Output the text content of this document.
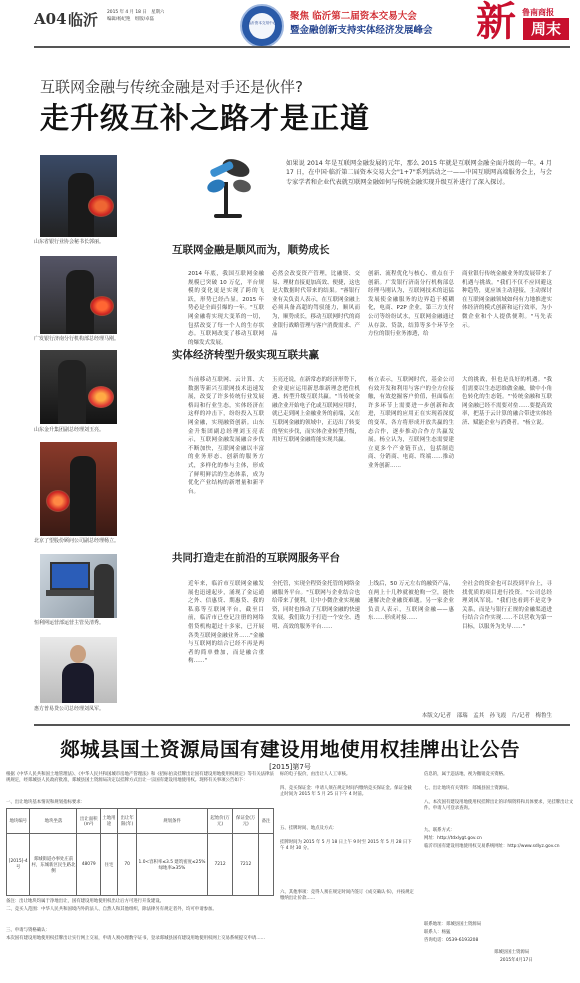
A04 临沂 2015 年 4 月 18 日　星期六
编辑/杨纪艳　组版/卓磊
临沂资本交易中心
聚焦 临沂第二届资本交易大会
暨金融创新支持实体经济发展峰会	新 鲁南商报
周末
互联网金融与传统金融是对手还是伙伴?
走升级互补之路才是正道
山东省银行业协会秘书长郭丽。
广发银行济南分行机构部总经理马刚。
山东金升集团副总经理刘玉亮。
北京了望股份顾问公司副总经理杨立。
恒利网运营部运营主管吴清秀。
惠方普易贷公司总经理刘凤军。
如果说 2014 年是互联网金融发展的元年，那么 2015 年就是互联网金融全面升级的一年。4 月 17 日，在中国·临沂第二届资本交易大会"1+7"系列活动之一——中国互联网高端服务会上，与会专家学者和企业代表就互联网金融如何与传统金融实现升级互补进行了深入探讨。
互联网金融是顺风而为，顺势成长
2014 年底，我国互联网金融规模已突破 10 万亿，平台规模的变化更是实现了跨的飞跃，形势已经凸显。2015 年势必是全面引爆的一年。"互联网金融将实现大变革的一切，包括改变了每一个人的生存状态。互联网改变了移动互联网的爆发式发展。
必然会改变资产管理，比融资、交易、理财直接更加高效、便捷，这也是大数据时代带来的结果。"睿银行业有关负责人表示，在互联网金融上必须具备高超的驾驭能力，顺风而为，顺势成长，移动互联网时代的商业银行战略管理与客户消费需求、产品
创新、流程优化与核心、重点在于创新。广发银行济南分行机构部总经理马刚认为，互联网技术的迅猛发展使金融服务的边界趋于模糊化，电商、P2P 企业，第三方支付公司等纷纷试水，互联网金融通过从存款、贷款，结算等多个环节全方位的银行业务渗透，给
商业银行传统金融业务的发展带来了机遇与挑战。"我们不仅不应回避这种趋势，更应该主动迎接，主动探讨在互联网金融领域如何有力地推进实体经济的模式创新和运行效率，为小微企业和个人提供便利。"马先表示。
实体经济转型升级实现互联共赢
当前移动互联网、云计算、大数据等新兴互联网技术迅速发展，改变了许多传统行业发展格局和行业生态，实体经济在这样的冲击下，纷纷投入互联网金融，实现融资创新。山东金升集团副总经理刘玉亮表示，互联网金融发展融合步伐不断加快，互联网金融以丰富的业务形态、创新的服务方式，多样化的参与主体，形成了鲜明鲜活的生态体系，成为优化产业结构的新增量和新平台。
玉亮还说，在新常态的经济形势下，企业更应运用新思维新理念把住机遇、转型升级互联共赢。"当传统金融企业开始电子化或互联网应用时，就已走到网上金融业务的前端，又在互联网金融的领域中，正迈出了转变的坚实步伐，而实体企业转型升级，用好互联网金融将能实现共赢。
杨立表示，互联网时代，基金公司有效开发和利用与客户的全方位接触，有效挖掘客户价值，但面临在许多环节上需要进一步创新和改进，互联网的应用正在实现着深度的变革，各方将形成开放共赢的生态合作，逐步推动合作方共赢发展。杨立认为，互联网生态需要建立更多个产业链节点，包括制造商、分销商、电商、终端……推动业务创新……
大的挑战，但也是良好的机遇。"我们需要以生态思维做金融，做中小角色转化的生态链。"'传统金融和互联网金融已经不需要对垒……要提高效率，把基于云计算的融合带进实体经济、赋能企业与消费者。"杨立说。
共同打造走在前沿的互联网服务平台
近年来，临沂市互联网金融发展也迅速起步，涌现了金运通之外、信惠贷、期惠贷、我的私募等互联网平台，截至目前，临沂市已登记注册的网络借贷机构超过十多家，已开展各类互联网金融业务……"金融与互联网的结合已经不再是两者的简单叠加，而是融合重构……"
全托管，实现全程资金托管的网络金融服务平台。"互联网与企业结合也给带来了便利，让中小微企业实现融资，同时也推动了互联网金融的快速发展，我们致力于打造一个安全、透明、高效的服务平台……
上线后，50 万元左右的融资产品，在两上十几秒就被抢购一空，能快速解决企业融资难题。另一家企业负责人表示，互联网金融——惠东……形成对接……
全社会的资金也可以投到平台上，寻找优质的项目进行投资。"公司总经理刘凤军说。"我们也看到不是竞争关系，而是与银行正规的金融渠道进行结合合作实现……不以营收为第一目标，以服务为先导……"
本版文/记者　邵瑞　孟其　孙飞霞　片/记者　梅鲁生
郯城县国土资源局国有建设用地使用权挂牌出让公告
[2015]第7号
根据《中华人民共和国土地管理法》、《中华人民共和国城市房地产管理法》和《招标拍卖挂牌出让国有建设用地使用权规定》等有关法律法规规定，经郯城县人民政府批准，郯城县国土资源局决定以挂牌方式出让一宗国有建设用地使用权。现将有关事项公告如下：
一、出让地块基本情况和规划指标要求：
地块编号	地块坐落	出让面积(m²)	土地用途	出让年限(年)	规划条件	起始价(万元)	保证金(万元)	备注
[2015]-4号	郯城街道办事处庄前村，东城新区民生路北侧	48079	住宅	70	1.0<容积率≤3.5 建筑密度≤25% 绿地率≥35%	7212	7212	
备注：出让地块均属于净地出让，国有建设用地使用权出让后方可进行开发建设。
二、竞买人范围：中华人民共和国境内外的法人、自然人和其他组织，除法律另有规定者外，均可申请参加。
三、申请与资格确认：
本次国有建设用地使用权挂牌出让实行网上交易，申请人须办理数字证书，登录郯城县国有建设用地使用权网上交易系统提交申请……
标的电子报价，由出让人人工审核。
四、竞买保证金：申请人须在规定时间内缴纳竞买保证金。保证金截止时间为 2015 年 5 月 25 日下午 4 时前。
五、挂牌时间、地点及方式：
挂牌时间为 2015 年 5 月 18 日上午 9 时至 2015 年 5 月 28 日下午 4 时 30 分。
六、其他事项：竞得人须在规定时间内签订《成交确认书》，并按规定缴纳出让价款……
信息的，属于违法地，视为撤销竞买资格。
七、出让地块有关资料：郯城县国土资源局。
八、本次国有建设用地使用权挂牌出让的详细资料和具体要求，见挂牌出让文件。申请人可登录查询。
九、联系方式：
网址：http://tdxlygt.gov.cn
临沂市国有建设用地使用权交易系统网址：http://www.sdlyz.gov.cn
联系地址：郯城县国土资源局
联系人：杨猛
咨询电话：0539-6193208
郯城县国土资源局
2015年4月17日
